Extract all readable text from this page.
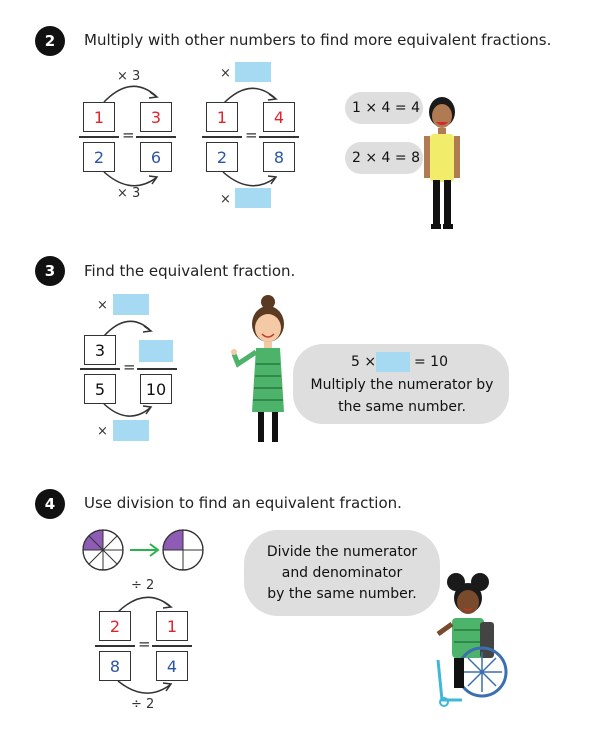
2	Multiply with other numbers to find more equivalent fractions.
× 3
1
2
=
3
6
× 3
×
1
2
=
4
8
×
1 × 4 = 4
2 × 4 = 8
3	Find the equivalent fraction.
×
3
5
=
10
×
5 ×	= 10
Multiply the numerator by
the same number.
4	Use division to find an equivalent fraction.
÷ 2
2
8
=
1
4
÷ 2
Divide the numerator
and denominator
by the same number.
